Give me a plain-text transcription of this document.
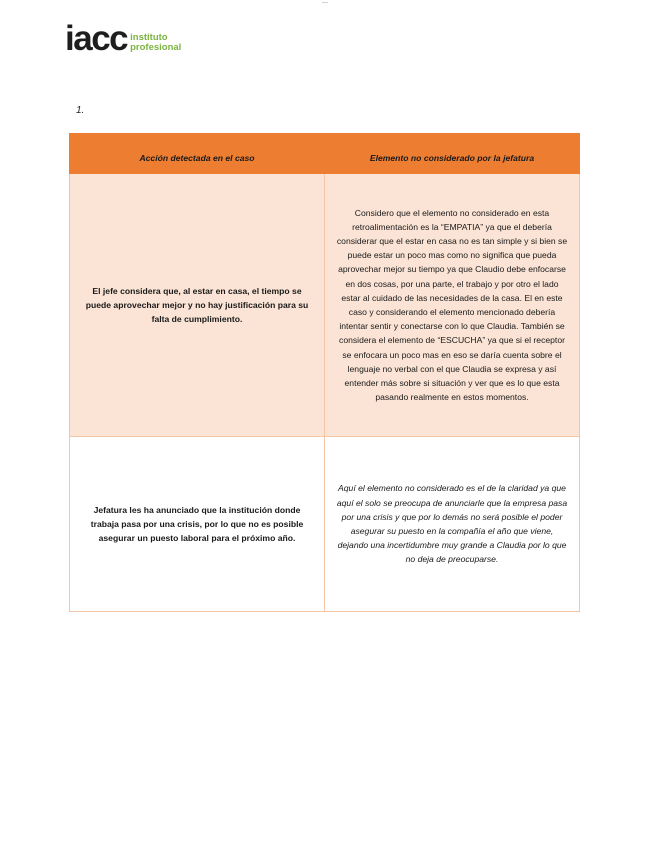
—
iacc instituto
profesional
1.
Acción detectada en el caso	Elemento no considerado por la jefatura
El jefe considera que, al estar en casa, el tiempo se puede aprovechar mejor y no hay justificación para su falta de cumplimiento.	Considero que el elemento no considerado en esta retroalimentación es la “EMPATIA” ya que el debería considerar que el estar en casa no es tan simple y si bien se puede estar un poco mas como no significa que pueda aprovechar mejor su tiempo ya que Claudio debe enfocarse en dos cosas, por una parte, el trabajo y por otro el lado estar al cuidado de las necesidades de la casa. El en este caso y considerando el elemento mencionado debería intentar sentir y conectarse con lo que Claudia. También se considera el elemento de “ESCUCHA” ya que si el receptor se enfocara un poco mas en eso se daría cuenta sobre el lenguaje no verbal con el que Claudia se expresa y así entender más sobre si situación y ver que es lo que esta pasando realmente en estos momentos.
Jefatura les ha anunciado que la institución donde trabaja pasa por una crisis, por lo que no es posible asegurar un puesto laboral para el próximo año.	Aquí el elemento no considerado es el de la claridad ya que aquí el solo se preocupa de anunciarle que la empresa pasa por una crisis y que por lo demás no será posible el poder asegurar su puesto en la compañía el año que viene, dejando una incertidumbre muy grande a Claudia por lo que no deja de preocuparse.
